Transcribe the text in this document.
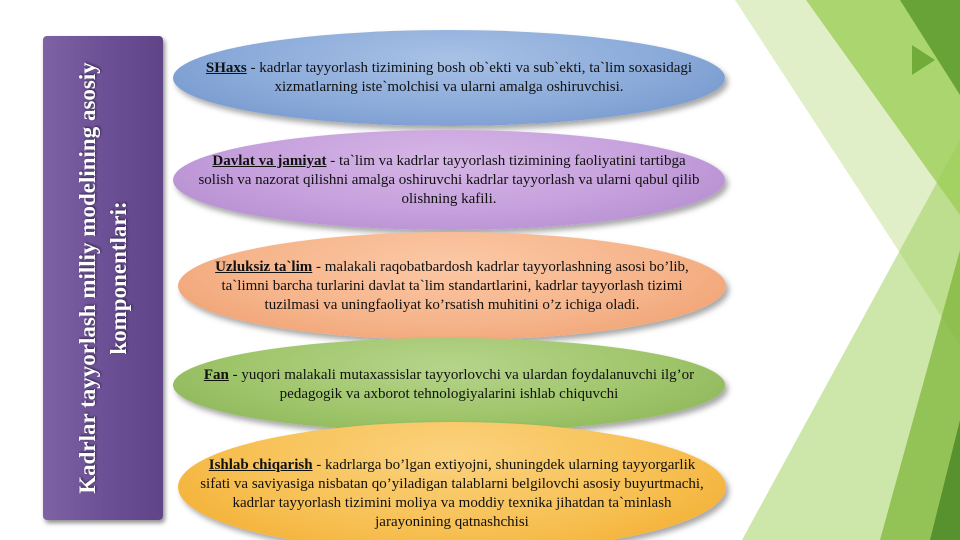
Kadrlar tayyorlash milliy modelining asosiy komponentlari:
SHaxs - kadrlar tayyorlash tizimining bosh ob`ekti va sub`ekti, ta`lim soxasidagi xizmatlarning iste`molchisi va ularni amalga oshiruvchisi.
Davlat va jamiyat - ta`lim va kadrlar tayyorlash tizimining faoliyatini tartibga solish va nazorat qilishni amalga oshiruvchi kadrlar tayyorlash va ularni qabul qilib olishning kafili.
Uzluksiz ta`lim - malakali raqobatbardosh kadrlar tayyorlashning asosi bo’lib, ta`limni barcha turlarini davlat ta`lim standartlarini, kadrlar tayyorlash tizimi tuzilmasi va uningfaoliyat ko’rsatish muhitini o’z ichiga oladi.
Fan - yuqori malakali mutaxassislar tayyorlovchi va ulardan foydalanuvchi ilg’or pedagogik va axborot tehnologiyalarini ishlab chiquvchi
Ishlab chiqarish - kadrlarga bo’lgan extiyojni, shuningdek ularning tayyorgarlik sifati va saviyasiga nisbatan qo’yiladigan talablarni belgilovchi asosiy buyurtmachi, kadrlar tayyorlash tizimini moliya va moddiy texnika jihatdan ta`minlash jarayonining qatnashchisi
